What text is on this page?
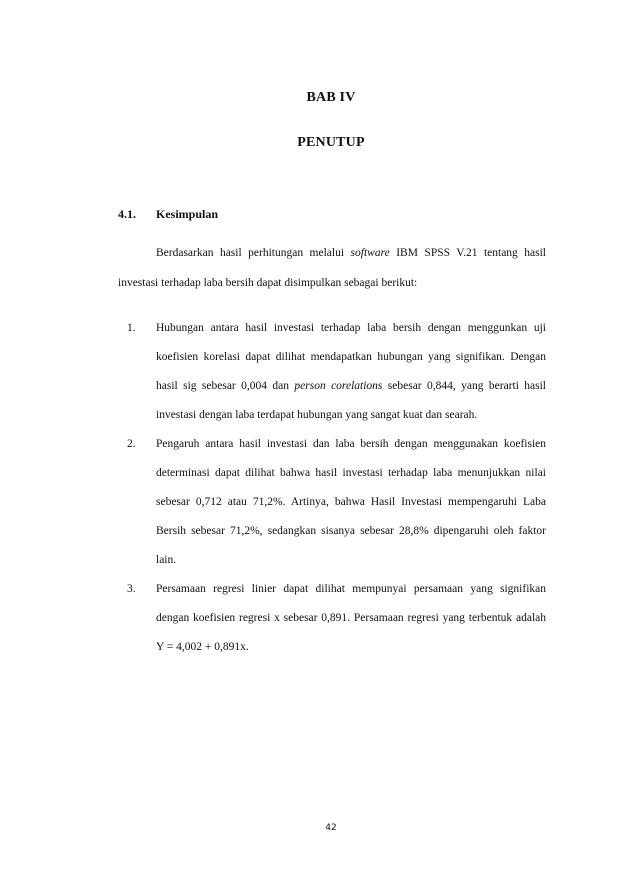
BAB IV
PENUTUP
4.1. Kesimpulan

Berdasarkan hasil perhitungan melalui software IBM SPSS V.21 tentang hasil investasi terhadap laba bersih dapat disimpulkan sebagai berikut:

1. Hubungan antara hasil investasi terhadap laba bersih dengan menggunkan uji koefisien korelasi dapat dilihat mendapatkan hubungan yang signifikan. Dengan hasil sig sebesar 0,004 dan person corelations sebesar 0,844, yang berarti hasil investasi dengan laba terdapat hubungan yang sangat kuat dan searah.
2. Pengaruh antara hasil investasi dan laba bersih dengan menggunakan koefisien determinasi dapat dilihat bahwa hasil investasi terhadap laba menunjukkan nilai sebesar 0,712 atau 71,2%. Artinya, bahwa Hasil Investasi mempengaruhi Laba Bersih sebesar 71,2%, sedangkan sisanya sebesar 28,8% dipengaruhi oleh faktor lain.
3. Persamaan regresi linier dapat dilihat mempunyai persamaan yang signifikan dengan koefisien regresi x sebesar 0,891. Persamaan regresi yang terbentuk adalah Y = 4,002 + 0,891x.
42
